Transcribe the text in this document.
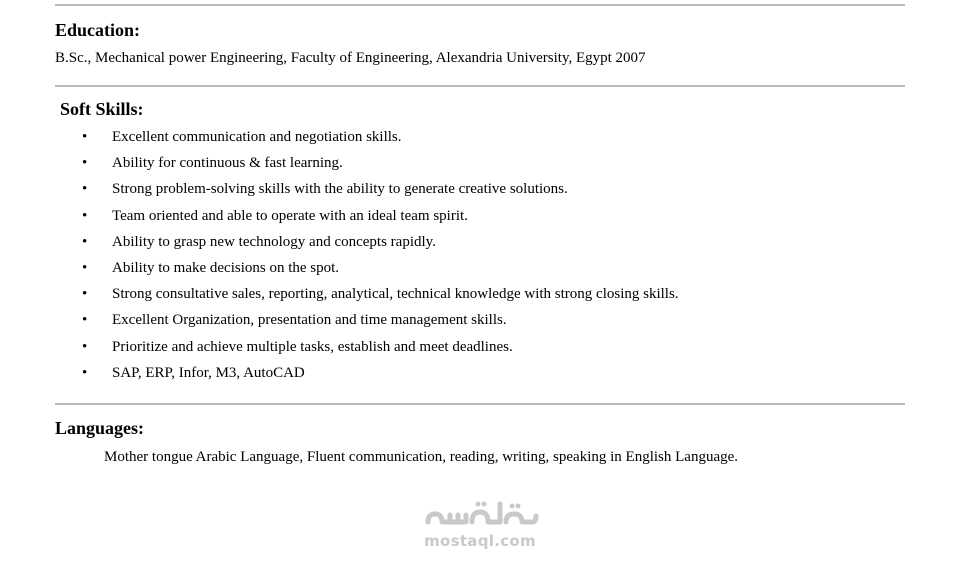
Education:
B.Sc., Mechanical power Engineering, Faculty of Engineering, Alexandria University, Egypt 2007
Soft Skills:
• Excellent communication and negotiation skills.
• Ability for continuous & fast learning.
• Strong problem-solving skills with the ability to generate creative solutions.
• Team oriented and able to operate with an ideal team spirit.
• Ability to grasp new technology and concepts rapidly.
• Ability to make decisions on the spot.
• Strong consultative sales, reporting, analytical, technical knowledge with strong closing skills.
• Excellent Organization, presentation and time management skills.
• Prioritize and achieve multiple tasks, establish and meet deadlines.
• SAP, ERP, Infor, M3, AutoCAD
Languages:
Mother tongue Arabic Language, Fluent communication, reading, writing, speaking in English Language.
mostaql.com
